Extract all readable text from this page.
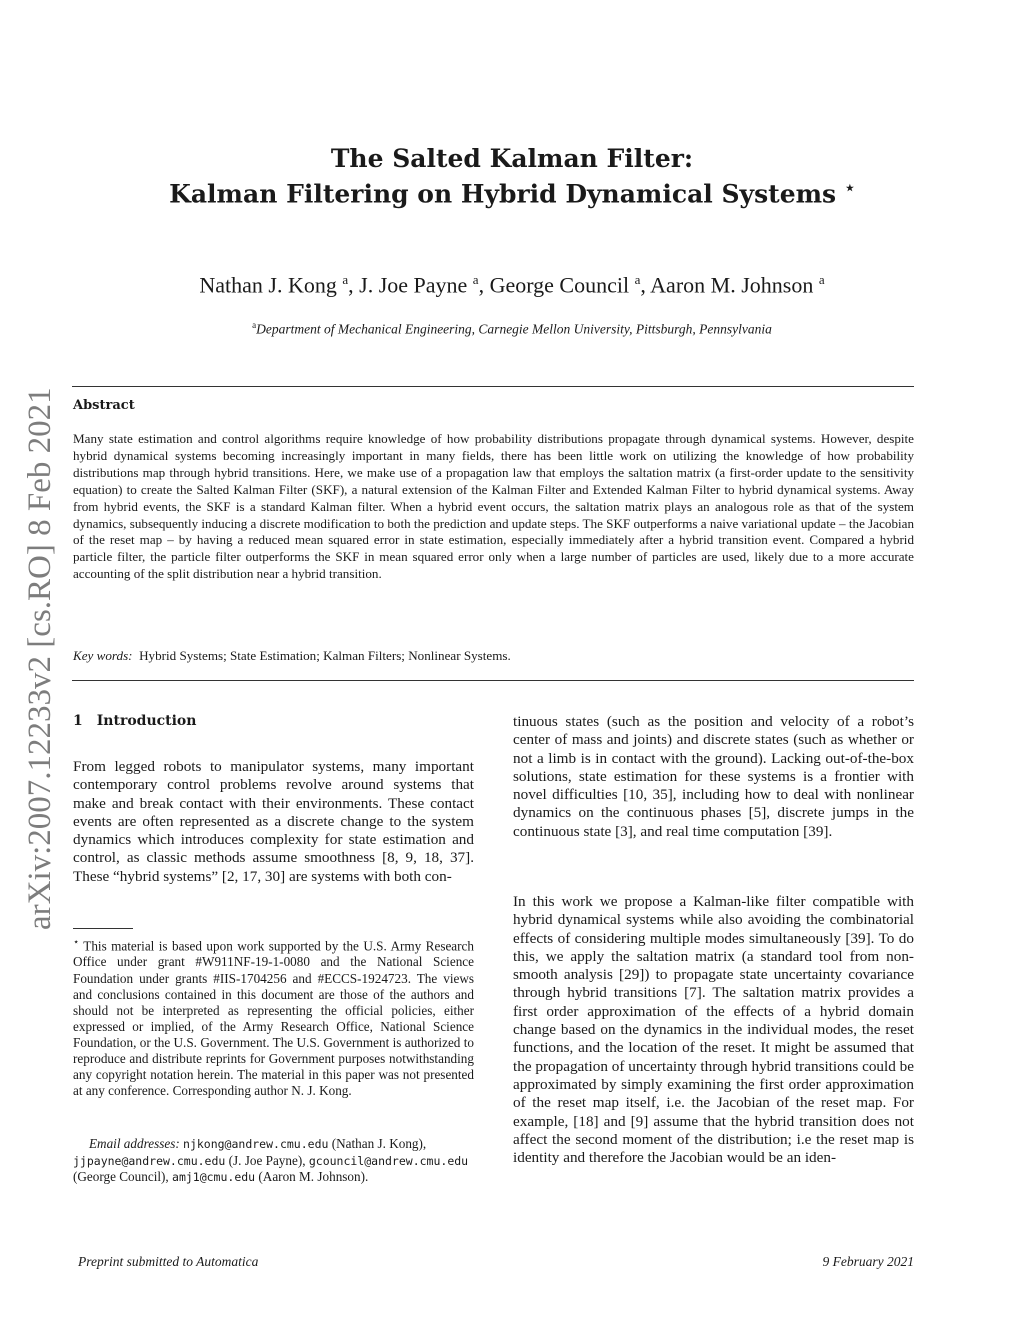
arXiv:2007.12233v2 [cs.RO] 8 Feb 2021
The Salted Kalman Filter:
Kalman Filtering on Hybrid Dynamical Systems ⋆
Nathan J. Kong $^a$, J. Joe Payne $^a$, George Council $^a$, Aaron M. Johnson $^a$
$^a$Department of Mechanical Engineering, Carnegie Mellon University, Pittsburgh, Pennsylvania
Abstract
Many state estimation and control algorithms require knowledge of how probability distributions propagate through dynamical systems. However, despite hybrid dynamical systems becoming increasingly important in many fields, there has been little work on utilizing the knowledge of how probability distributions map through hybrid transitions. Here, we make use of a propagation law that employs the saltation matrix (a first-order update to the sensitivity equation) to create the Salted Kalman Filter (SKF), a natural extension of the Kalman Filter and Extended Kalman Filter to hybrid dynamical systems. Away from hybrid events, the SKF is a standard Kalman filter. When a hybrid event occurs, the saltation matrix plays an analogous role as that of the system dynamics, subsequently inducing a discrete modification to both the prediction and update steps. The SKF outperforms a naive variational update – the Jacobian of the reset map – by having a reduced mean squared error in state estimation, especially immediately after a hybrid transition event. Compared a hybrid particle filter, the particle filter outperforms the SKF in mean squared error only when a large number of particles are used, likely due to a more accurate accounting of the split distribution near a hybrid transition.
Key words: Hybrid Systems; State Estimation; Kalman Filters; Nonlinear Systems.
1 Introduction
From legged robots to manipulator systems, many important contemporary control problems revolve around systems that make and break contact with their environments. These contact events are often represented as a discrete change to the system dynamics which introduces complexity for state estimation and control, as classic methods assume smoothness [8, 9, 18, 37]. These “hybrid systems” [2, 17, 30] are systems with both con-
⋆ This material is based upon work supported by the U.S. Army Research Office under grant #W911NF-19-1-0080 and the National Science Foundation under grants #IIS-1704256 and #ECCS-1924723. The views and conclusions contained in this document are those of the authors and should not be interpreted as representing the official policies, either expressed or implied, of the Army Research Office, National Science Foundation, or the U.S. Government. The U.S. Government is authorized to reproduce and distribute reprints for Government purposes notwithstanding any copyright notation herein. The material in this paper was not presented at any conference. Corresponding author N. J. Kong.
Email addresses: njkong@andrew.cmu.edu (Nathan J. Kong), jjpayne@andrew.cmu.edu (J. Joe Payne), gcouncil@andrew.cmu.edu (George Council), amj1@cmu.edu (Aaron M. Johnson).
tinuous states (such as the position and velocity of a robot’s center of mass and joints) and discrete states (such as whether or not a limb is in contact with the ground). Lacking out-of-the-box solutions, state estimation for these systems is a frontier with novel difficulties [10, 35], including how to deal with nonlinear dynamics on the continuous phases [5], discrete jumps in the continuous state [3], and real time computation [39].
In this work we propose a Kalman-like filter compatible with hybrid dynamical systems while also avoiding the combinatorial effects of considering multiple modes simultaneously [39]. To do this, we apply the saltation matrix (a standard tool from non-smooth analysis [29]) to propagate state uncertainty covariance through hybrid transitions [7]. The saltation matrix provides a first order approximation of the effects of a hybrid domain change based on the dynamics in the individual modes, the reset functions, and the location of the reset. It might be assumed that the propagation of uncertainty through hybrid transitions could be approximated by simply examining the first order approximation of the reset map itself, i.e. the Jacobian of the reset map. For example, [18] and [9] assume that the hybrid transition does not affect the second moment of the distribution; i.e the reset map is identity and therefore the Jacobian would be an iden-
Preprint submitted to Automatica	9 February 2021
